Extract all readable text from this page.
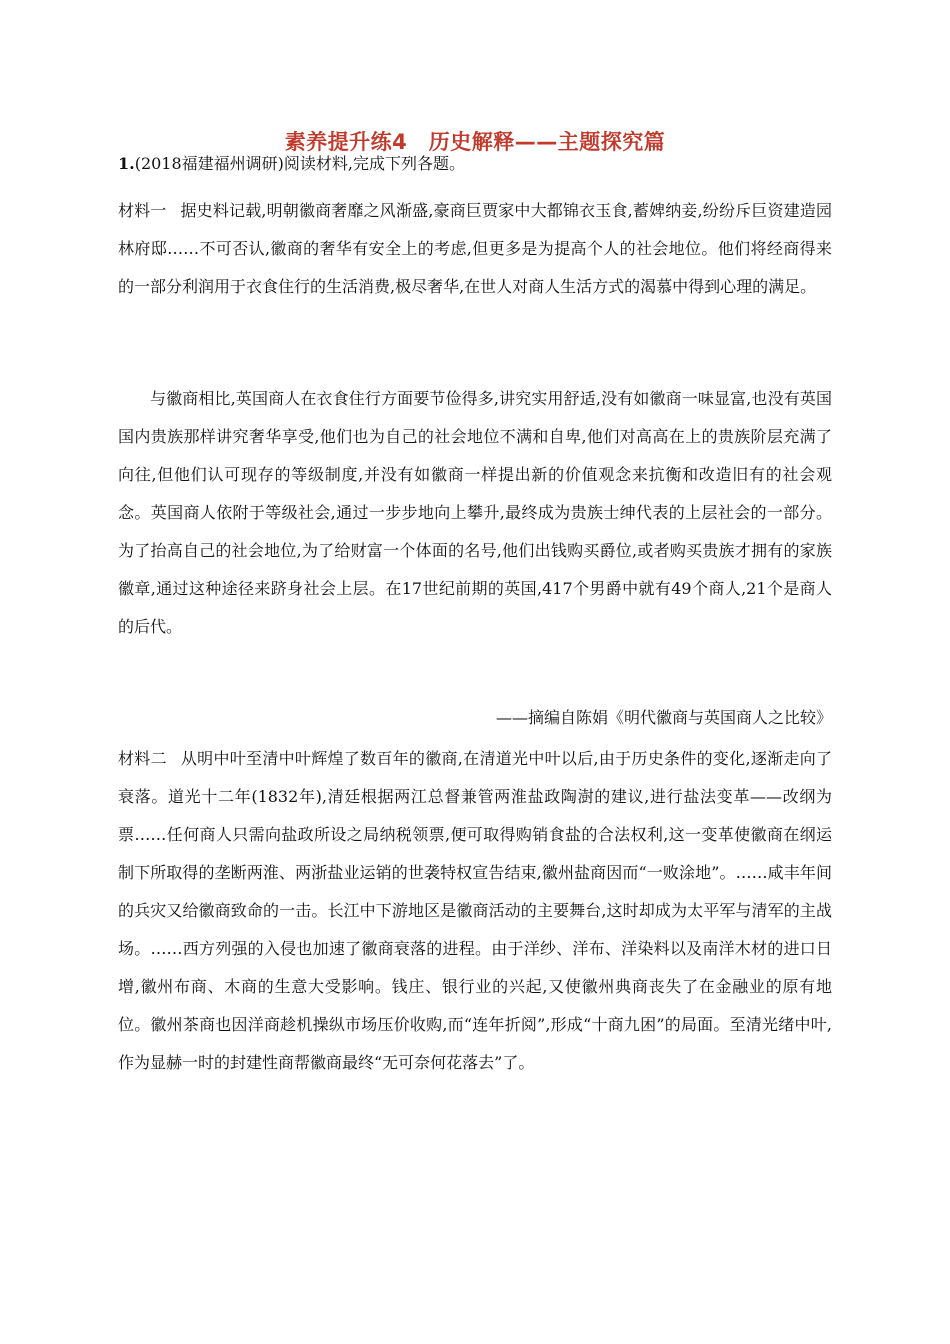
素养提升练4　历史解释——主题探究篇

1.(2018福建福州调研)阅读材料,完成下列各题。

材料一 据史料记载,明朝徽商奢靡之风渐盛,豪商巨贾家中大都锦衣玉食,蓄婢纳妾,纷纷斥巨资建造园林府邸……不可否认,徽商的奢华有安全上的考虑,但更多是为提高个人的社会地位。他们将经商得来的一部分利润用于衣食住行的生活消费,极尽奢华,在世人对商人生活方式的渴慕中得到心理的满足。

与徽商相比,英国商人在衣食住行方面要节俭得多,讲究实用舒适,没有如徽商一味显富,也没有英国国内贵族那样讲究奢华享受,他们也为自己的社会地位不满和自卑,他们对高高在上的贵族阶层充满了向往,但他们认可现存的等级制度,并没有如徽商一样提出新的价值观念来抗衡和改造旧有的社会观念。英国商人依附于等级社会,通过一步步地向上攀升,最终成为贵族士绅代表的上层社会的一部分。为了抬高自己的社会地位,为了给财富一个体面的名号,他们出钱购买爵位,或者购买贵族才拥有的家族徽章,通过这种途径来跻身社会上层。在17世纪前期的英国,417个男爵中就有49个商人,21个是商人的后代。

——摘编自陈娟《明代徽商与英国商人之比较》

材料二 从明中叶至清中叶辉煌了数百年的徽商,在清道光中叶以后,由于历史条件的变化,逐渐走向了衰落。道光十二年(1832年),清廷根据两江总督兼管两淮盐政陶澍的建议,进行盐法变革——改纲为票……任何商人只需向盐政所设之局纳税领票,便可取得购销食盐的合法权利,这一变革使徽商在纲运制下所取得的垄断两淮、两浙盐业运销的世袭特权宣告结束,徽州盐商因而“一败涂地”。……咸丰年间的兵灾又给徽商致命的一击。长江中下游地区是徽商活动的主要舞台,这时却成为太平军与清军的主战场。……西方列强的入侵也加速了徽商衰落的进程。由于洋纱、洋布、洋染料以及南洋木材的进口日增,徽州布商、木商的生意大受影响。钱庄、银行业的兴起,又使徽州典商丧失了在金融业的原有地位。徽州茶商也因洋商趁机操纵市场压价收购,而“连年折阅”,形成“十商九困”的局面。至清光绪中叶,作为显赫一时的封建性商帮徽商最终“无可奈何花落去”了。
